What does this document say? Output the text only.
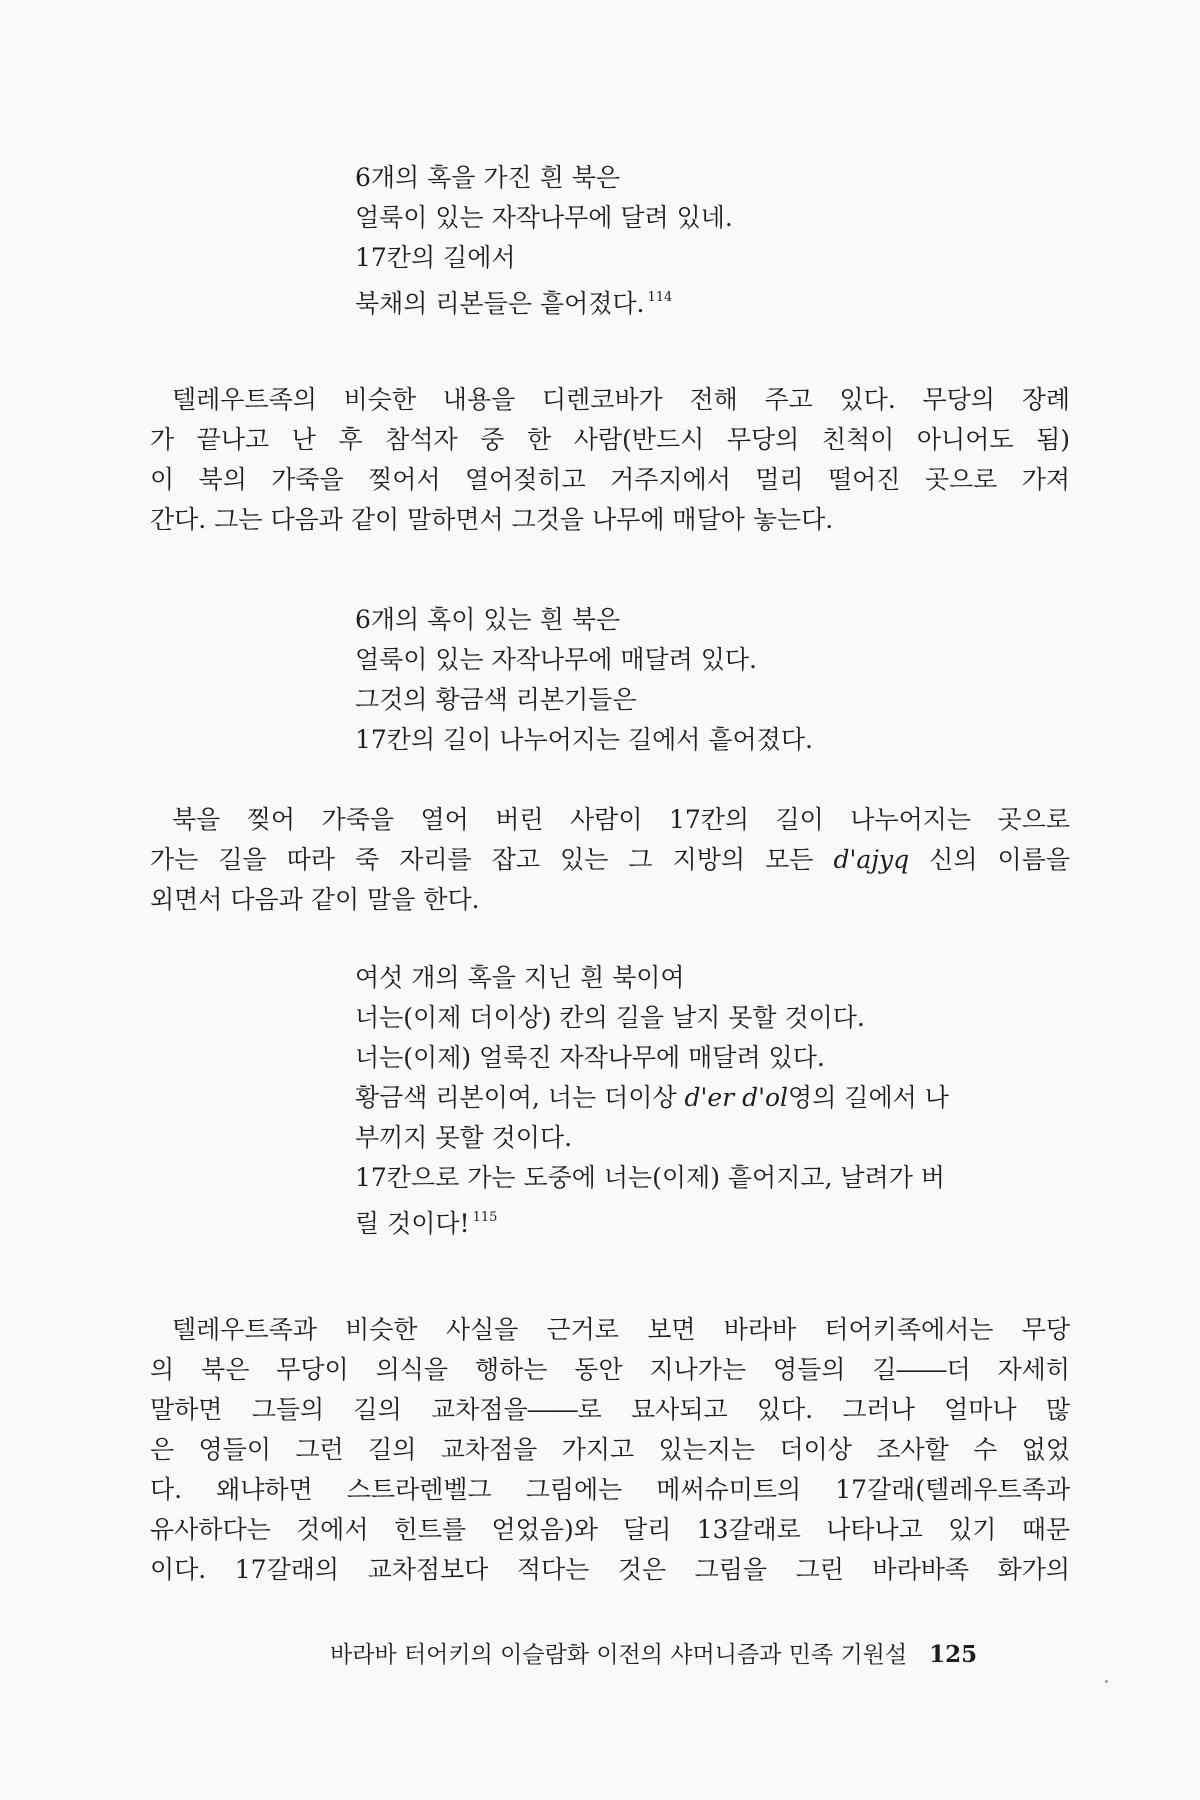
6개의 혹을 가진 흰 북은
얼룩이 있는 자작나무에 달려 있네.
17칸의 길에서
북채의 리본들은 흩어졌다. $^{114}$
텔레우트족의 비슷한 내용을 디렌코바가 전해 주고 있다. 무당의 장례
가 끝나고 난 후 참석자 중 한 사람(반드시 무당의 친척이 아니어도 됨)
이 북의 가죽을 찢어서 열어젖히고 거주지에서 멀리 떨어진 곳으로 가져
간다. 그는 다음과 같이 말하면서 그것을 나무에 매달아 놓는다.
6개의 혹이 있는 흰 북은
얼룩이 있는 자작나무에 매달려 있다.
그것의 황금색 리본기들은
17칸의 길이 나누어지는 길에서 흩어졌다.
북을 찢어 가죽을 열어 버린 사람이 17칸의 길이 나누어지는 곳으로
가는 길을 따라 죽 자리를 잡고 있는 그 지방의 모든 d'ajyq 신의 이름을
외면서 다음과 같이 말을 한다.
여섯 개의 혹을 지닌 흰 북이여
너는(이제 더이상) 칸의 길을 날지 못할 것이다.
너는(이제) 얼룩진 자작나무에 매달려 있다.
황금색 리본이여, 너는 더이상 d'er d'ol영의 길에서 나
부끼지 못할 것이다.
17칸으로 가는 도중에 너는(이제) 흩어지고, 날려가 버
릴 것이다! $^{115}$
텔레우트족과 비슷한 사실을 근거로 보면 바라바 터어키족에서는 무당
의 북은 무당이 의식을 행하는 동안 지나가는 영들의 길――더 자세히
말하면 그들의 길의 교차점을――로 묘사되고 있다. 그러나 얼마나 많
은 영들이 그런 길의 교차점을 가지고 있는지는 더이상 조사할 수 없었
다. 왜냐하면 스트라렌벨그 그림에는 메써슈미트의 17갈래(텔레우트족과
유사하다는 것에서 힌트를 얻었음)와 달리 13갈래로 나타나고 있기 때문
이다. 17갈래의 교차점보다 적다는 것은 그림을 그린 바라바족 화가의
바라바 터어키의 이슬람화 이전의 샤머니즘과 민족 기원설 125
